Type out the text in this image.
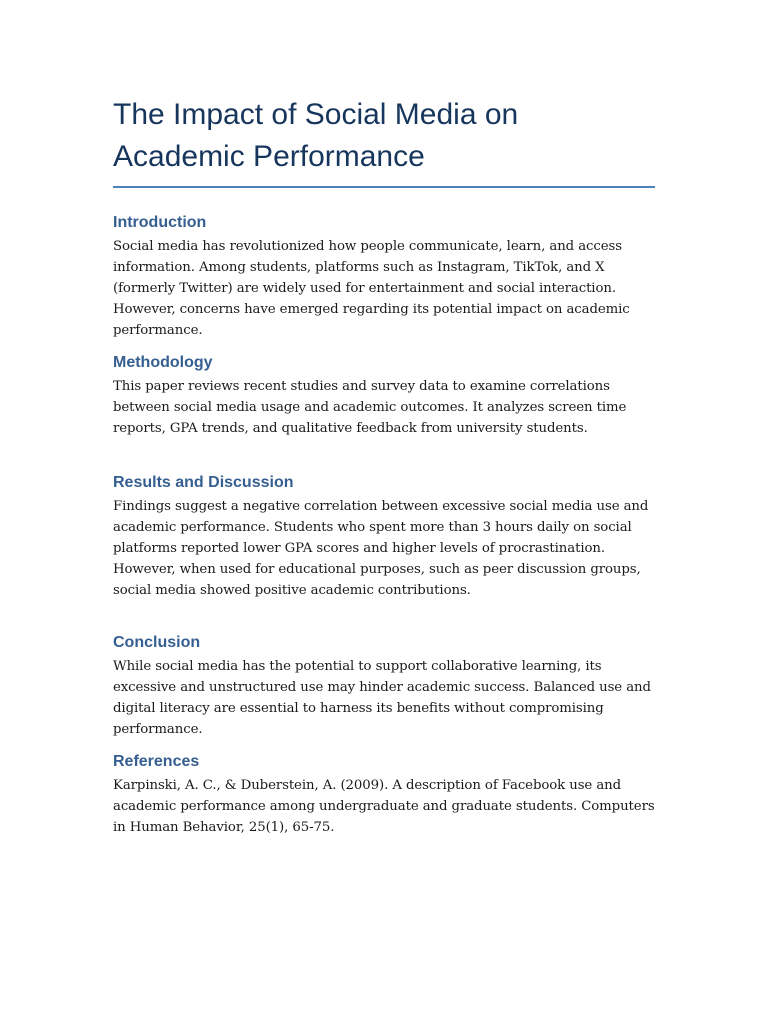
The Impact of Social Media on Academic Performance
Introduction

Social media has revolutionized how people communicate, learn, and access information. Among students, platforms such as Instagram, TikTok, and X (formerly Twitter) are widely used for entertainment and social interaction. However, concerns have emerged regarding its potential impact on academic performance.

Methodology

This paper reviews recent studies and survey data to examine correlations between social media usage and academic outcomes. It analyzes screen time reports, GPA trends, and qualitative feedback from university students.

Results and Discussion

Findings suggest a negative correlation between excessive social media use and academic performance. Students who spent more than 3 hours daily on social platforms reported lower GPA scores and higher levels of procrastination. However, when used for educational purposes, such as peer discussion groups, social media showed positive academic contributions.

Conclusion

While social media has the potential to support collaborative learning, its excessive and unstructured use may hinder academic success. Balanced use and digital literacy are essential to harness its benefits without compromising performance.

References

Karpinski, A. C., & Duberstein, A. (2009). A description of Facebook use and academic performance among undergraduate and graduate students. Computers in Human Behavior, 25(1), 65-75.
